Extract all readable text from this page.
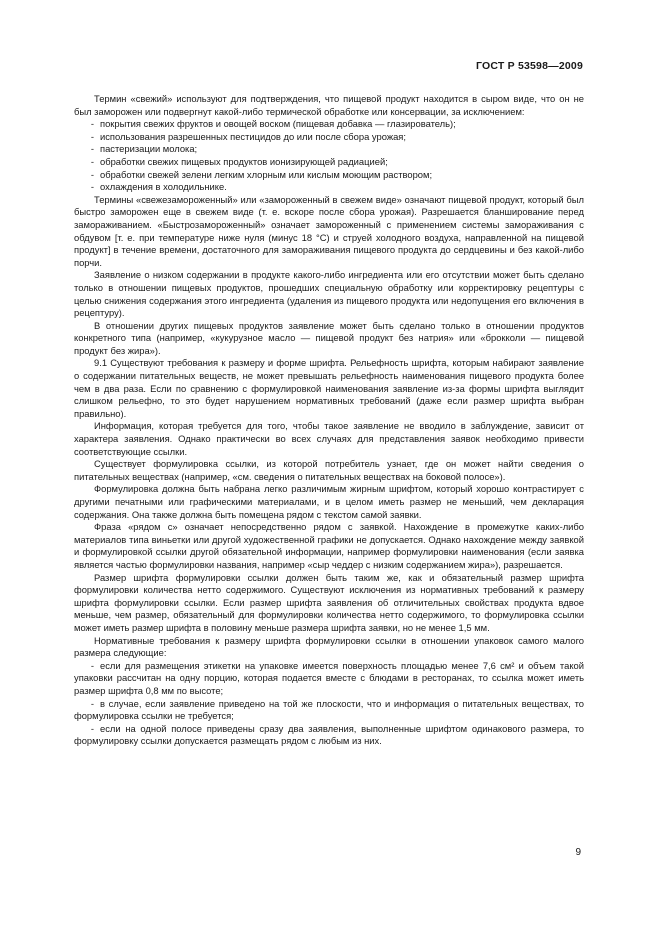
ГОСТ Р 53598—2009

Термин «свежий» используют для подтверждения, что пищевой продукт находится в сыром виде, что он не был заморожен или подвергнут какой-либо термической обработке или консервации, за исключением:

- покрытия свежих фруктов и овощей воском (пищевая добавка — глазирователь);

- использования разрешенных пестицидов до или после сбора урожая;

- пастеризации молока;

- обработки свежих пищевых продуктов ионизирующей радиацией;

- обработки свежей зелени легким хлорным или кислым моющим раствором;

- охлаждения в холодильнике.

Термины «свежезамороженный» или «замороженный в свежем виде» означают пищевой продукт, который был быстро заморожен еще в свежем виде (т. е. вскоре после сбора урожая). Разрешается бланширование перед замораживанием. «Быстрозамороженный» означает замороженный с применением системы замораживания с обдувом [т. е. при температуре ниже нуля (минус 18 °С) и струей холодного воздуха, направленной на пищевой продукт] в течение времени, достаточного для замораживания пищевого продукта до сердцевины и без какой-либо порчи.

Заявление о низком содержании в продукте какого-либо ингредиента или его отсутствии может быть сделано только в отношении пищевых продуктов, прошедших специальную обработку или корректировку рецептуры с целью снижения содержания этого ингредиента (удаления из пищевого продукта или недопущения его включения в рецептуру).

В отношении других пищевых продуктов заявление может быть сделано только в отношении продуктов конкретного типа (например, «кукурузное масло — пищевой продукт без натрия» или «брокколи — пищевой продукт без жира»).

9.1 Существуют требования к размеру и форме шрифта. Рельефность шрифта, которым набирают заявление о содержании питательных веществ, не может превышать рельефность наименования пищевого продукта более чем в два раза. Если по сравнению с формулировкой наименования заявление из-за формы шрифта выглядит слишком рельефно, то это будет нарушением нормативных требований (даже если размер шрифта выбран правильно).

Информация, которая требуется для того, чтобы такое заявление не вводило в заблуждение, зависит от характера заявления. Однако практически во всех случаях для представления заявок необходимо привести соответствующие ссылки.

Существует формулировка ссылки, из которой потребитель узнает, где он может найти сведения о питательных веществах (например, «см. сведения о питательных веществах на боковой полосе»).

Формулировка должна быть набрана легко различимым жирным шрифтом, который хорошо контрастирует с другими печатными или графическими материалами, и в целом иметь размер не меньший, чем декларация содержания. Она также должна быть помещена рядом с текстом самой заявки.

Фраза «рядом с» означает непосредственно рядом с заявкой. Нахождение в промежутке каких-либо материалов типа виньетки или другой художественной графики не допускается. Однако нахождение между заявкой и формулировкой ссылки другой обязательной информации, например формулировки наименования (если заявка является частью формулировки названия, например «сыр чеддер с низким содержанием жира»), разрешается.

Размер шрифта формулировки ссылки должен быть таким же, как и обязательный размер шрифта формулировки количества нетто содержимого. Существуют исключения из нормативных требований к размеру шрифта формулировки ссылки. Если размер шрифта заявления об отличительных свойствах продукта вдвое меньше, чем размер, обязательный для формулировки количества нетто содержимого, то формулировка ссылки может иметь размер шрифта в половину меньше размера шрифта заявки, но не менее 1,5 мм.

Нормативные требования к размеру шрифта формулировки ссылки в отношении упаковок самого малого размера следующие:

- если для размещения этикетки на упаковке имеется поверхность площадью менее 7,6 см² и объем такой упаковки рассчитан на одну порцию, которая подается вместе с блюдами в ресторанах, то ссылка может иметь размер шрифта 0,8 мм по высоте;

- в случае, если заявление приведено на той же плоскости, что и информация о питательных веществах, то формулировка ссылки не требуется;

- если на одной полосе приведены сразу два заявления, выполненные шрифтом одинакового размера, то формулировку ссылки допускается размещать рядом с любым из них.

9
